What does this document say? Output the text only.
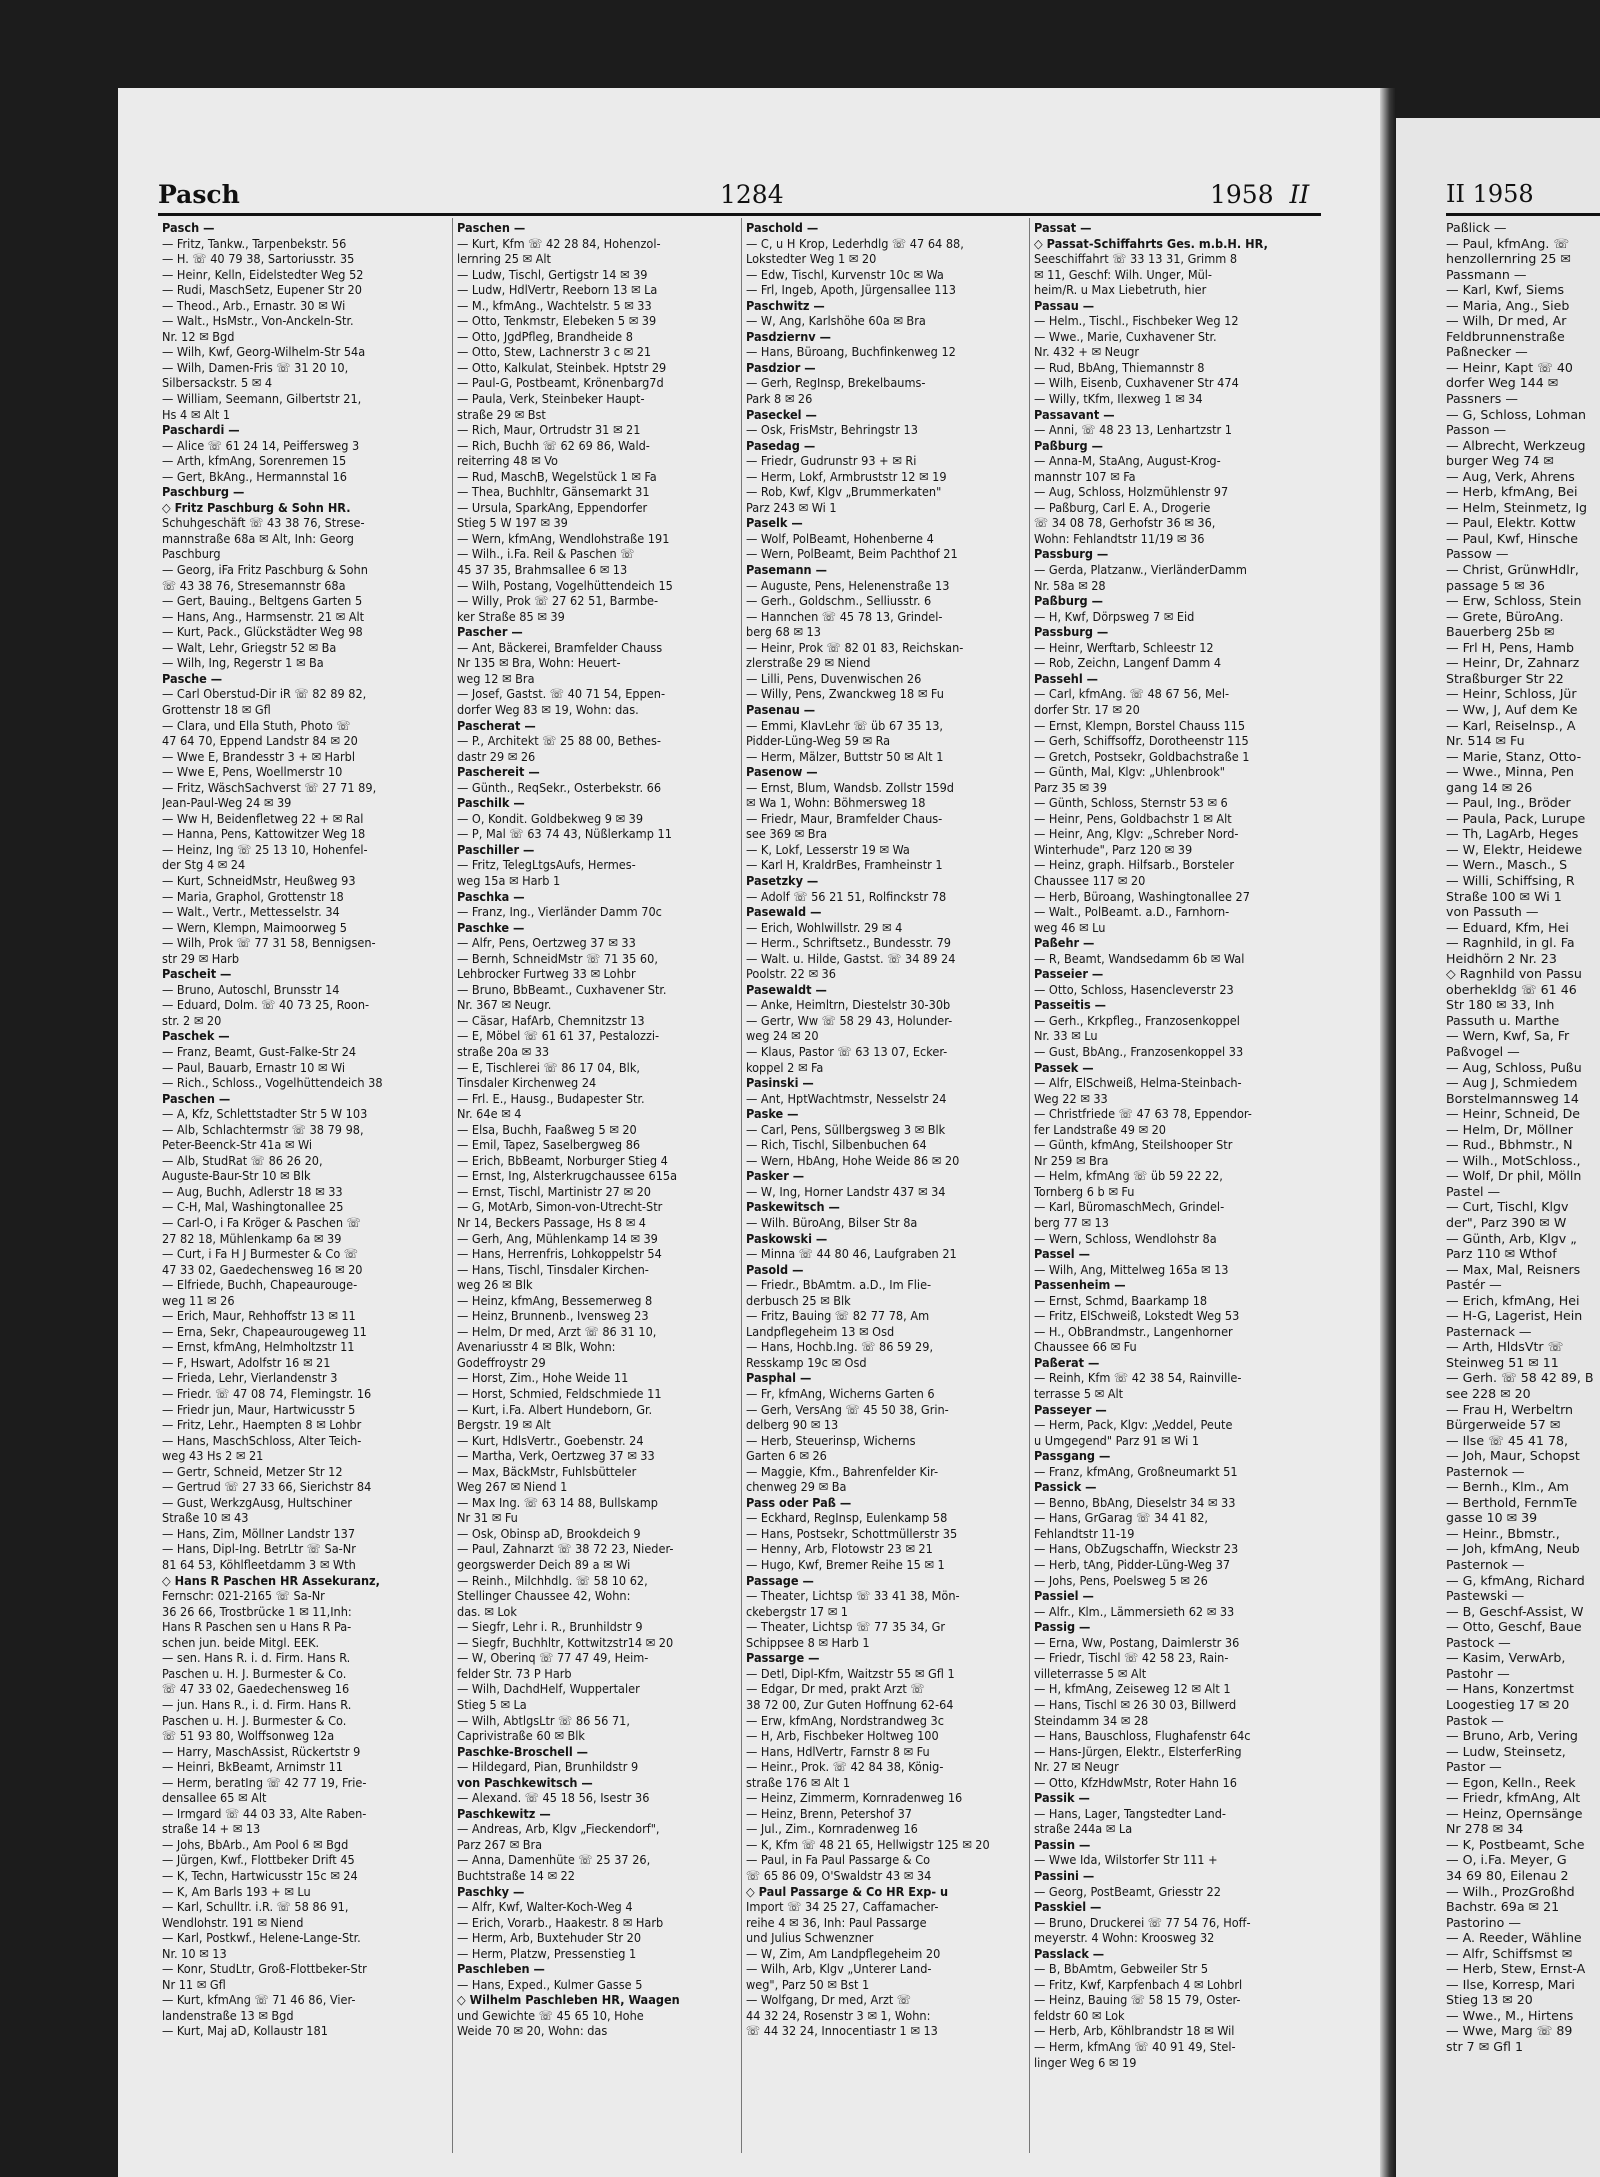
Pasch	1284	1958 II	II 1958
Pasch —
— Fritz, Tankw., Tarpenbekstr. 56
— H. ☏ 40 79 38, Sartoriusstr. 35
— Heinr, Kelln, Eidelstedter Weg 52
— Rudi, MaschSetz, Eupener Str 20
— Theod., Arb., Ernastr. 30 ✉ Wi
— Walt., HsMstr., Von-Anckeln-Str.
Nr. 12 ✉ Bgd
— Wilh, Kwf, Georg-Wilhelm-Str 54a
— Wilh, Damen-Fris ☏ 31 20 10,
Silbersackstr. 5 ✉ 4
— William, Seemann, Gilbertstr 21,
Hs 4 ✉ Alt 1
Paschardi —
— Alice ☏ 61 24 14, Peiffersweg 3
— Arth, kfmAng, Sorenremen 15
— Gert, BkAng., Hermannstal 16
Paschburg —
◇ Fritz Paschburg & Sohn HR.
Schuhgeschäft ☏ 43 38 76, Strese-
mannstraße 68a ✉ Alt, Inh: Georg
Paschburg
— Georg, iFa Fritz Paschburg & Sohn
☏ 43 38 76, Stresemannstr 68a
— Gert, Bauing., Beltgens Garten 5
— Hans, Ang., Harmsenstr. 21 ✉ Alt
— Kurt, Pack., Glückstädter Weg 98
— Walt, Lehr, Griegstr 52 ✉ Ba
— Wilh, Ing, Regerstr 1 ✉ Ba
Pasche —
— Carl Oberstud-Dir iR ☏ 82 89 82,
Grottenstr 18 ✉ Gfl
— Clara, und Ella Stuth, Photo ☏
47 64 70, Eppend Landstr 84 ✉ 20
— Wwe E, Brandesstr 3 + ✉ Harbl
— Wwe E, Pens, Woellmerstr 10
— Fritz, WäschSachverst ☏ 27 71 89,
Jean-Paul-Weg 24 ✉ 39
— Ww H, Beidenfletweg 22 + ✉ Ral
— Hanna, Pens, Kattowitzer Weg 18
— Heinz, Ing ☏ 25 13 10, Hohenfel-
der Stg 4 ✉ 24
— Kurt, SchneidMstr, Heußweg 93
— Maria, Graphol, Grottenstr 18
— Walt., Vertr., Mettesselstr. 34
— Wern, Klempn, Maimoorweg 5
— Wilh, Prok ☏ 77 31 58, Bennigsen-
str 29 ✉ Harb
Pascheit —
— Bruno, Autoschl, Brunsstr 14
— Eduard, Dolm. ☏ 40 73 25, Roon-
str. 2 ✉ 20
Paschek —
— Franz, Beamt, Gust-Falke-Str 24
— Paul, Bauarb, Ernastr 10 ✉ Wi
— Rich., Schloss., Vogelhüttendeich 38
Paschen —
— A, Kfz, Schlettstadter Str 5 W 103
— Alb, Schlachtermstr ☏ 38 79 98,
Peter-Beenck-Str 41a ✉ Wi
— Alb, StudRat ☏ 86 26 20,
Auguste-Baur-Str 10 ✉ Blk
— Aug, Buchh, Adlerstr 18 ✉ 33
— C-H, Mal, Washingtonallee 25
— Carl-O, i Fa Kröger & Paschen ☏
27 82 18, Mühlenkamp 6a ✉ 39
— Curt, i Fa H J Burmester & Co ☏
47 33 02, Gaedechensweg 16 ✉ 20
— Elfriede, Buchh, Chapeaurouge-
weg 11 ✉ 26
— Erich, Maur, Rehhoffstr 13 ✉ 11
— Erna, Sekr, Chapeaurougeweg 11
— Ernst, kfmAng, Helmholtzstr 11
— F, Hswart, Adolfstr 16 ✉ 21
— Frieda, Lehr, Vierlandenstr 3
— Friedr. ☏ 47 08 74, Flemingstr. 16
— Friedr jun, Maur, Hartwicusstr 5
— Fritz, Lehr., Haempten 8 ✉ Lohbr
— Hans, MaschSchloss, Alter Teich-
weg 43 Hs 2 ✉ 21
— Gertr, Schneid, Metzer Str 12
— Gertrud ☏ 27 33 66, Sierichstr 84
— Gust, WerkzgAusg, Hultschiner
Straße 10 ✉ 43
— Hans, Zim, Möllner Landstr 137
— Hans, Dipl-Ing. BetrLtr ☏ Sa-Nr
81 64 53, Köhlfleetdamm 3 ✉ Wth
◇ Hans R Paschen HR Assekuranz,
Fernschr: 021-2165 ☏ Sa-Nr
36 26 66, Trostbrücke 1 ✉ 11,Inh:
Hans R Paschen sen u Hans R Pa-
schen jun. beide Mitgl. EEK.
— sen. Hans R. i. d. Firm. Hans R.
Paschen u. H. J. Burmester & Co.
☏ 47 33 02, Gaedechensweg 16
— jun. Hans R., i. d. Firm. Hans R.
Paschen u. H. J. Burmester & Co.
☏ 51 93 80, Wolffsonweg 12a
— Harry, MaschAssist, Rückertstr 9
— Heinri, BkBeamt, Arnimstr 11
— Herm, beratIng ☏ 42 77 19, Frie-
densallee 65 ✉ Alt
— Irmgard ☏ 44 03 33, Alte Raben-
straße 14 + ✉ 13
— Johs, BbArb., Am Pool 6 ✉ Bgd
— Jürgen, Kwf., Flottbeker Drift 45
— K, Techn, Hartwicusstr 15c ✉ 24
— K, Am Barls 193 + ✉ Lu
— Karl, Schulltr. i.R. ☏ 58 86 91,
Wendlohstr. 191 ✉ Niend
— Karl, Postkwf., Helene-Lange-Str.
Nr. 10 ✉ 13
— Konr, StudLtr, Groß-Flottbeker-Str
Nr 11 ✉ Gfl
— Kurt, kfmAng ☏ 71 46 86, Vier-
landenstraße 13 ✉ Bgd
— Kurt, Maj aD, Kollaustr 181
Paschen —
— Kurt, Kfm ☏ 42 28 84, Hohenzol-
lernring 25 ✉ Alt
— Ludw, Tischl, Gertigstr 14 ✉ 39
— Ludw, HdlVertr, Reeborn 13 ✉ La
— M., kfmAng., Wachtelstr. 5 ✉ 33
— Otto, Tenkmstr, Elebeken 5 ✉ 39
— Otto, JgdPfleg, Brandheide 8
— Otto, Stew, Lachnerstr 3 c ✉ 21
— Otto, Kalkulat, Steinbek. Hptstr 29
— Paul-G, Postbeamt, Krönenbarg7d
— Paula, Verk, Steinbeker Haupt-
straße 29 ✉ Bst
— Rich, Maur, Ortrudstr 31 ✉ 21
— Rich, Buchh ☏ 62 69 86, Wald-
reiterring 48 ✉ Vo
— Rud, MaschB, Wegelstück 1 ✉ Fa
— Thea, Buchhltr, Gänsemarkt 31
— Ursula, SparkAng, Eppendorfer
Stieg 5 W 197 ✉ 39
— Wern, kfmAng, Wendlohstraße 191
— Wilh., i.Fa. Reil & Paschen ☏
45 37 35, Brahmsallee 6 ✉ 13
— Wilh, Postang, Vogelhüttendeich 15
— Willy, Prok ☏ 27 62 51, Barmbe-
ker Straße 85 ✉ 39
Pascher —
— Ant, Bäckerei, Bramfelder Chauss
Nr 135 ✉ Bra, Wohn: Heuert-
weg 12 ✉ Bra
— Josef, Gastst. ☏ 40 71 54, Eppen-
dorfer Weg 83 ✉ 19, Wohn: das.
Pascherat —
— P., Architekt ☏ 25 88 00, Bethes-
dastr 29 ✉ 26
Paschereit —
— Günth., ReqSekr., Osterbekstr. 66
Paschilk —
— O, Kondit. Goldbekweg 9 ✉ 39
— P, Mal ☏ 63 74 43, Nüßlerkamp 11
Paschiller —
— Fritz, TelegLtgsAufs, Hermes-
weg 15a ✉ Harb 1
Paschka —
— Franz, Ing., Vierländer Damm 70c
Paschke —
— Alfr, Pens, Oertzweg 37 ✉ 33
— Bernh, SchneidMstr ☏ 71 35 60,
Lehbrocker Furtweg 33 ✉ Lohbr
— Bruno, BbBeamt., Cuxhavener Str.
Nr. 367 ✉ Neugr.
— Cäsar, HafArb, Chemnitzstr 13
— E, Möbel ☏ 61 61 37, Pestalozzi-
straße 20a ✉ 33
— E, Tischlerei ☏ 86 17 04, Blk,
Tinsdaler Kirchenweg 24
— Frl. E., Hausg., Budapester Str.
Nr. 64e ✉ 4
— Elsa, Buchh, Faaßweg 5 ✉ 20
— Emil, Tapez, Saselbergweg 86
— Erich, BbBeamt, Norburger Stieg 4
— Ernst, Ing, Alsterkrugchaussee 615a
— Ernst, Tischl, Martinistr 27 ✉ 20
— G, MotArb, Simon-von-Utrecht-Str
Nr 14, Beckers Passage, Hs 8 ✉ 4
— Gerh, Ang, Mühlenkamp 14 ✉ 39
— Hans, Herrenfris, Lohkoppelstr 54
— Hans, Tischl, Tinsdaler Kirchen-
weg 26 ✉ Blk
— Heinz, kfmAng, Bessemerweg 8
— Heinz, Brunnenb., Ivensweg 23
— Helm, Dr med, Arzt ☏ 86 31 10,
Avenariusstr 4 ✉ Blk, Wohn:
Godeffroystr 29
— Horst, Zim., Hohe Weide 11
— Horst, Schmied, Feldschmiede 11
— Kurt, i.Fa. Albert Hundeborn, Gr.
Bergstr. 19 ✉ Alt
— Kurt, HdlsVertr., Goebenstr. 24
— Martha, Verk, Oertzweg 37 ✉ 33
— Max, BäckMstr, Fuhlsbütteler
Weg 267 ✉ Niend 1
— Max Ing. ☏ 63 14 88, Bullskamp
Nr 31 ✉ Fu
— Osk, Obinsp aD, Brookdeich 9
— Paul, Zahnarzt ☏ 38 72 23, Nieder-
georgswerder Deich 89 a ✉ Wi
— Reinh., Milchhdlg. ☏ 58 10 62,
Stellinger Chaussee 42, Wohn:
das. ✉ Lok
— Siegfr, Lehr i. R., Brunhildstr 9
— Siegfr, Buchhltr, Kottwitzstr14 ✉ 20
— W, Oberinq ☏ 77 47 49, Heim-
felder Str. 73 P Harb
— Wilh, DachdHelf, Wuppertaler
Stieg 5 ✉ La
— Wilh, AbtlgsLtr ☏ 86 56 71,
Caprivistraße 60 ✉ Blk
Paschke-Broschell —
— Hildegard, Pian, Brunhildstr 9
von Paschkewitsch —
— Alexand. ☏ 45 18 56, Isestr 36
Paschkewitz —
— Andreas, Arb, Klgv „Fieckendorf",
Parz 267 ✉ Bra
— Anna, Damenhüte ☏ 25 37 26,
Buchtstraße 14 ✉ 22
Paschky —
— Alfr, Kwf, Walter-Koch-Weg 4
— Erich, Vorarb., Haakestr. 8 ✉ Harb
— Herm, Arb, Buxtehuder Str 20
— Herm, Platzw, Pressenstieg 1
Paschleben —
— Hans, Exped., Kulmer Gasse 5
◇ Wilhelm Paschleben HR, Waagen
und Gewichte ☏ 45 65 10, Hohe
Weide 70 ✉ 20, Wohn: das
Paschold —
— C, u H Krop, Lederhdlg ☏ 47 64 88,
Lokstedter Weg 1 ✉ 20
— Edw, Tischl, Kurvenstr 10c ✉ Wa
— Frl, Ingeb, Apoth, Jürgensallee 113
Paschwitz —
— W, Ang, Karlshöhe 60a ✉ Bra
Pasdziernv —
— Hans, Büroang, Buchfinkenweg 12
Pasdzior —
— Gerh, RegInsp, Brekelbaums-
Park 8 ✉ 26
Paseckel —
— Osk, FrisMstr, Behringstr 13
Pasedag —
— Friedr, Gudrunstr 93 + ✉ Ri
— Herm, Lokf, Armbruststr 12 ✉ 19
— Rob, Kwf, Klgv „Brummerkaten"
Parz 243 ✉ Wi 1
Paselk —
— Wolf, PolBeamt, Hohenberne 4
— Wern, PolBeamt, Beim Pachthof 21
Pasemann —
— Auguste, Pens, Helenenstraße 13
— Gerh., Goldschm., Selliusstr. 6
— Hannchen ☏ 45 78 13, Grindel-
berg 68 ✉ 13
— Heinr, Prok ☏ 82 01 83, Reichskan-
zlerstraße 29 ✉ Niend
— Lilli, Pens, Duvenwischen 26
— Willy, Pens, Zwanckweg 18 ✉ Fu
Pasenau —
— Emmi, KlavLehr ☏ üb 67 35 13,
Pidder-Lüng-Weg 59 ✉ Ra
— Herm, Mälzer, Buttstr 50 ✉ Alt 1
Pasenow —
— Ernst, Blum, Wandsb. Zollstr 159d
✉ Wa 1, Wohn: Böhmersweg 18
— Friedr, Maur, Bramfelder Chaus-
see 369 ✉ Bra
— K, Lokf, Lesserstr 19 ✉ Wa
— Karl H, KraldrBes, Framheinstr 1
Pasetzky —
— Adolf ☏ 56 21 51, Rolfinckstr 78
Pasewald —
— Erich, Wohlwillstr. 29 ✉ 4
— Herm., Schriftsetz., Bundesstr. 79
— Walt. u. Hilde, Gastst. ☏ 34 89 24
Poolstr. 22 ✉ 36
Pasewaldt —
— Anke, Heimltrn, Diestelstr 30-30b
— Gertr, Ww ☏ 58 29 43, Holunder-
weg 24 ✉ 20
— Klaus, Pastor ☏ 63 13 07, Ecker-
koppel 2 ✉ Fa
Pasinski —
— Ant, HptWachtmstr, Nesselstr 24
Paske —
— Carl, Pens, Süllbergsweg 3 ✉ Blk
— Rich, Tischl, Silbenbuchen 64
— Wern, HbAng, Hohe Weide 86 ✉ 20
Pasker —
— W, Ing, Horner Landstr 437 ✉ 34
Paskewitsch —
— Wilh. BüroAng, Bilser Str 8a
Paskowski —
— Minna ☏ 44 80 46, Laufgraben 21
Pasold —
— Friedr., BbAmtm. a.D., Im Flie-
derbusch 25 ✉ Blk
— Fritz, Bauing ☏ 82 77 78, Am
Landpflegeheim 13 ✉ Osd
— Hans, Hochb.Ing. ☏ 86 59 29,
Resskamp 19c ✉ Osd
Pasphal —
— Fr, kfmAng, Wicherns Garten 6
— Gerh, VersAng ☏ 45 50 38, Grin-
delberg 90 ✉ 13
— Herb, Steuerinsp, Wicherns
Garten 6 ✉ 26
— Maggie, Kfm., Bahrenfelder Kir-
chenweg 29 ✉ Ba
Pass oder Paß —
— Eckhard, RegInsp, Eulenkamp 58
— Hans, Postsekr, Schottmüllerstr 35
— Henny, Arb, Flotowstr 23 ✉ 21
— Hugo, Kwf, Bremer Reihe 15 ✉ 1
Passage —
— Theater, Lichtsp ☏ 33 41 38, Mön-
ckebergstr 17 ✉ 1
— Theater, Lichtsp ☏ 77 35 34, Gr
Schippsee 8 ✉ Harb 1
Passarge —
— Detl, Dipl-Kfm, Waitzstr 55 ✉ Gfl 1
— Edgar, Dr med, prakt Arzt ☏
38 72 00, Zur Guten Hoffnung 62-64
— Erw, kfmAng, Nordstrandweg 3c
— H, Arb, Fischbeker Holtweg 100
— Hans, HdlVertr, Farnstr 8 ✉ Fu
— Heinr., Prok. ☏ 42 84 38, König-
straße 176 ✉ Alt 1
— Heinz, Zimmerm, Kornradenweg 16
— Heinz, Brenn, Petershof 37
— Jul., Zim., Kornradenweg 16
— K, Kfm ☏ 48 21 65, Hellwigstr 125 ✉ 20
— Paul, in Fa Paul Passarge & Co
☏ 65 86 09, O'Swaldstr 43 ✉ 34
◇ Paul Passarge & Co HR Exp- u
Import ☏ 34 25 27, Caffamacher-
reihe 4 ✉ 36, Inh: Paul Passarge
und Julius Schwenzner
— W, Zim, Am Landpflegeheim 20
— Wilh, Arb, Klgv „Unterer Land-
weg", Parz 50 ✉ Bst 1
— Wolfgang, Dr med, Arzt ☏
44 32 24, Rosenstr 3 ✉ 1, Wohn:
☏ 44 32 24, Innocentiastr 1 ✉ 13
Passat —
◇ Passat-Schiffahrts Ges. m.b.H. HR,
Seeschiffahrt ☏ 33 13 31, Grimm 8
✉ 11, Geschf: Wilh. Unger, Mül-
heim/R. u Max Liebetruth, hier
Passau —
— Helm., Tischl., Fischbeker Weg 12
— Wwe., Marie, Cuxhavener Str.
Nr. 432 + ✉ Neugr
— Rud, BbAng, Thiemannstr 8
— Wilh, Eisenb, Cuxhavener Str 474
— Willy, tKfm, Ilexweg 1 ✉ 34
Passavant —
— Anni, ☏ 48 23 13, Lenhartzstr 1
Paßburg —
— Anna-M, StaAng, August-Krog-
mannstr 107 ✉ Fa
— Aug, Schloss, Holzmühlenstr 97
— Paßburg, Carl E. A., Drogerie
☏ 34 08 78, Gerhofstr 36 ✉ 36,
Wohn: Fehlandtstr 11/19 ✉ 36
Passburg —
— Gerda, Platzanw., VierländerDamm
Nr. 58a ✉ 28
Paßburg —
— H, Kwf, Dörpsweg 7 ✉ Eid
Passburg —
— Heinr, Werftarb, Schleestr 12
— Rob, Zeichn, Langenf Damm 4
Passehl —
— Carl, kfmAng. ☏ 48 67 56, Mel-
dorfer Str. 17 ✉ 20
— Ernst, Klempn, Borstel Chauss 115
— Gerh, Schiffsoffz, Dorotheenstr 115
— Gretch, Postsekr, Goldbachstraße 1
— Günth, Mal, Klgv: „Uhlenbrook"
Parz 35 ✉ 39
— Günth, Schloss, Sternstr 53 ✉ 6
— Heinr, Pens, Goldbachstr 1 ✉ Alt
— Heinr, Ang, Klgv: „Schreber Nord-
Winterhude", Parz 120 ✉ 39
— Heinz, graph. Hilfsarb., Borsteler
Chaussee 117 ✉ 20
— Herb, Büroang, Washingtonallee 27
— Walt., PolBeamt. a.D., Farnhorn-
weg 46 ✉ Lu
Paßehr —
— R, Beamt, Wandsedamm 6b ✉ Wal
Passeier —
— Otto, Schloss, Hasencleverstr 23
Passeitis —
— Gerh., Krkpfleg., Franzosenkoppel
Nr. 33 ✉ Lu
— Gust, BbAng., Franzosenkoppel 33
Passek —
— Alfr, ElSchweiß, Helma-Steinbach-
Weg 22 ✉ 33
— Christfriede ☏ 47 63 78, Eppendor-
fer Landstraße 49 ✉ 20
— Günth, kfmAng, Steilshooper Str
Nr 259 ✉ Bra
— Helm, kfmAng ☏ üb 59 22 22,
Tornberg 6 b ✉ Fu
— Karl, BüromaschMech, Grindel-
berg 77 ✉ 13
— Wern, Schloss, Wendlohstr 8a
Passel —
— Wilh, Ang, Mittelweg 165a ✉ 13
Passenheim —
— Ernst, Schmd, Baarkamp 18
— Fritz, ElSchweiß, Lokstedt Weg 53
— H., ObBrandmstr., Langenhorner
Chaussee 66 ✉ Fu
Paßerat —
— Reinh, Kfm ☏ 42 38 54, Rainville-
terrasse 5 ✉ Alt
Passeyer —
— Herm, Pack, Klgv: „Veddel, Peute
u Umgegend" Parz 91 ✉ Wi 1
Passgang —
— Franz, kfmAng, Großneumarkt 51
Passick —
— Benno, BbAng, Dieselstr 34 ✉ 33
— Hans, GrGarag ☏ 34 41 82,
Fehlandtstr 11-19
— Hans, ObZugschaffn, Wieckstr 23
— Herb, tAng, Pidder-Lüng-Weg 37
— Johs, Pens, Poelsweg 5 ✉ 26
Passiel —
— Alfr., Klm., Lämmersieth 62 ✉ 33
Passig —
— Erna, Ww, Postang, Daimlerstr 36
— Friedr, Tischl ☏ 42 58 23, Rain-
villeterrasse 5 ✉ Alt
— H, kfmAng, Zeiseweg 12 ✉ Alt 1
— Hans, Tischl ✉ 26 30 03, Billwerd
Steindamm 34 ✉ 28
— Hans, Bauschloss, Flughafenstr 64c
— Hans-Jürgen, Elektr., ElsterferRing
Nr. 27 ✉ Neugr
— Otto, KfzHdwMstr, Roter Hahn 16
Passik —
— Hans, Lager, Tangstedter Land-
straße 244a ✉ La
Passin —
— Wwe Ida, Wilstorfer Str 111 +
Passini —
— Georg, PostBeamt, Griesstr 22
Passkiel —
— Bruno, Druckerei ☏ 77 54 76, Hoff-
meyerstr. 4 Wohn: Kroosweg 32
Passlack —
— B, BbAmtm, Gebweiler Str 5
— Fritz, Kwf, Karpfenbach 4 ✉ Lohbrl
— Heinz, Bauing ☏ 58 15 79, Oster-
feldstr 60 ✉ Lok
— Herb, Arb, Köhlbrandstr 18 ✉ Wil
— Herm, kfmAng ☏ 40 91 49, Stel-
linger Weg 6 ✉ 19
Paßlick —
— Paul, kfmAng. ☏
henzollernring 25 ✉
Passmann —
— Karl, Kwf, Siems
— Maria, Ang., Sieb
— Wilh, Dr med, Ar
Feldbrunnenstraße
Paßnecker —
— Heinr, Kapt ☏ 40
dorfer Weg 144 ✉
Passners —
— G, Schloss, Lohman
Passon —
— Albrecht, Werkzeug
burger Weg 74 ✉
— Aug, Verk, Ahrens
— Herb, kfmAng, Bei
— Helm, Steinmetz, Ig
— Paul, Elektr. Kottw
— Paul, Kwf, Hinsche
Passow —
— Christ, GrünwHdlr,
passage 5 ✉ 36
— Erw, Schloss, Stein
— Grete, BüroAng.
Bauerberg 25b ✉
— Frl H, Pens, Hamb
— Heinr, Dr, Zahnarz
Straßburger Str 22
— Heinr, Schloss, Jür
— Ww, J, Auf dem Ke
— Karl, Reiselnsp., A
Nr. 514 ✉ Fu
— Marie, Stanz, Otto-
— Wwe., Minna, Pen
gang 14 ✉ 26
— Paul, Ing., Bröder
— Paula, Pack, Lurupe
— Th, LagArb, Heges
— W, Elektr, Heidewe
— Wern., Masch., S
— Willi, Schiffsing, R
Straße 100 ✉ Wi 1
von Passuth —
— Eduard, Kfm, Hei
— Ragnhild, in gl. Fa
Heidhörn 2 Nr. 23
◇ Ragnhild von Passu
oberhekldg ☏ 61 46
Str 180 ✉ 33, Inh
Passuth u. Marthe
— Wern, Kwf, Sa, Fr
Paßvogel —
— Aug, Schloss, Pußu
— Aug J, Schmiedem
Borstelmannsweg 14
— Heinr, Schneid, De
— Helm, Dr, Möllner
— Rud., Bbhmstr., N
— Wilh., MotSchloss.,
— Wolf, Dr phil, Mölln
Pastel —
— Curt, Tischl, Klgv
der", Parz 390 ✉ W
— Günth, Arb, Klgv „
Parz 110 ✉ Wthof
— Max, Mal, Reisners
Pastér —
— Erich, kfmAng, Hei
— H-G, Lagerist, Hein
Pasternack —
— Arth, HldsVtr ☏
Steinweg 51 ✉ 11
— Gerh. ☏ 58 42 89, B
see 228 ✉ 20
— Frau H, Werbeltrn
Bürgerweide 57 ✉
— Ilse ☏ 45 41 78,
— Joh, Maur, Schopst
Pasternok —
— Bernh., Klm., Am
— Berthold, FernmTe
gasse 10 ✉ 39
— Heinr., Bbmstr.,
— Joh, kfmAng, Neub
Pasternok —
— G, kfmAng, Richard
Pastewski —
— B, Geschf-Assist, W
— Otto, Geschf, Baue
Pastock —
— Kasim, VerwArb,
Pastohr —
— Hans, Konzertmst
Loogestieg 17 ✉ 20
Pastok —
— Bruno, Arb, Vering
— Ludw, Steinsetz,
Pastor —
— Egon, Kelln., Reek
— Friedr, kfmAng, Alt
— Heinz, Opernsänge
Nr 278 ✉ 34
— K, Postbeamt, Sche
— O, i.Fa. Meyer, G
34 69 80, Eilenau 2
— Wilh., ProzGroßhd
Bachstr. 69a ✉ 21
Pastorino —
— A. Reeder, Wähline
— Alfr, Schiffsmst ✉
— Herb, Stew, Ernst-A
— Ilse, Korresp, Mari
Stieg 13 ✉ 20
— Wwe., M., Hirtens
— Wwe, Marg ☏ 89
str 7 ✉ Gfl 1
